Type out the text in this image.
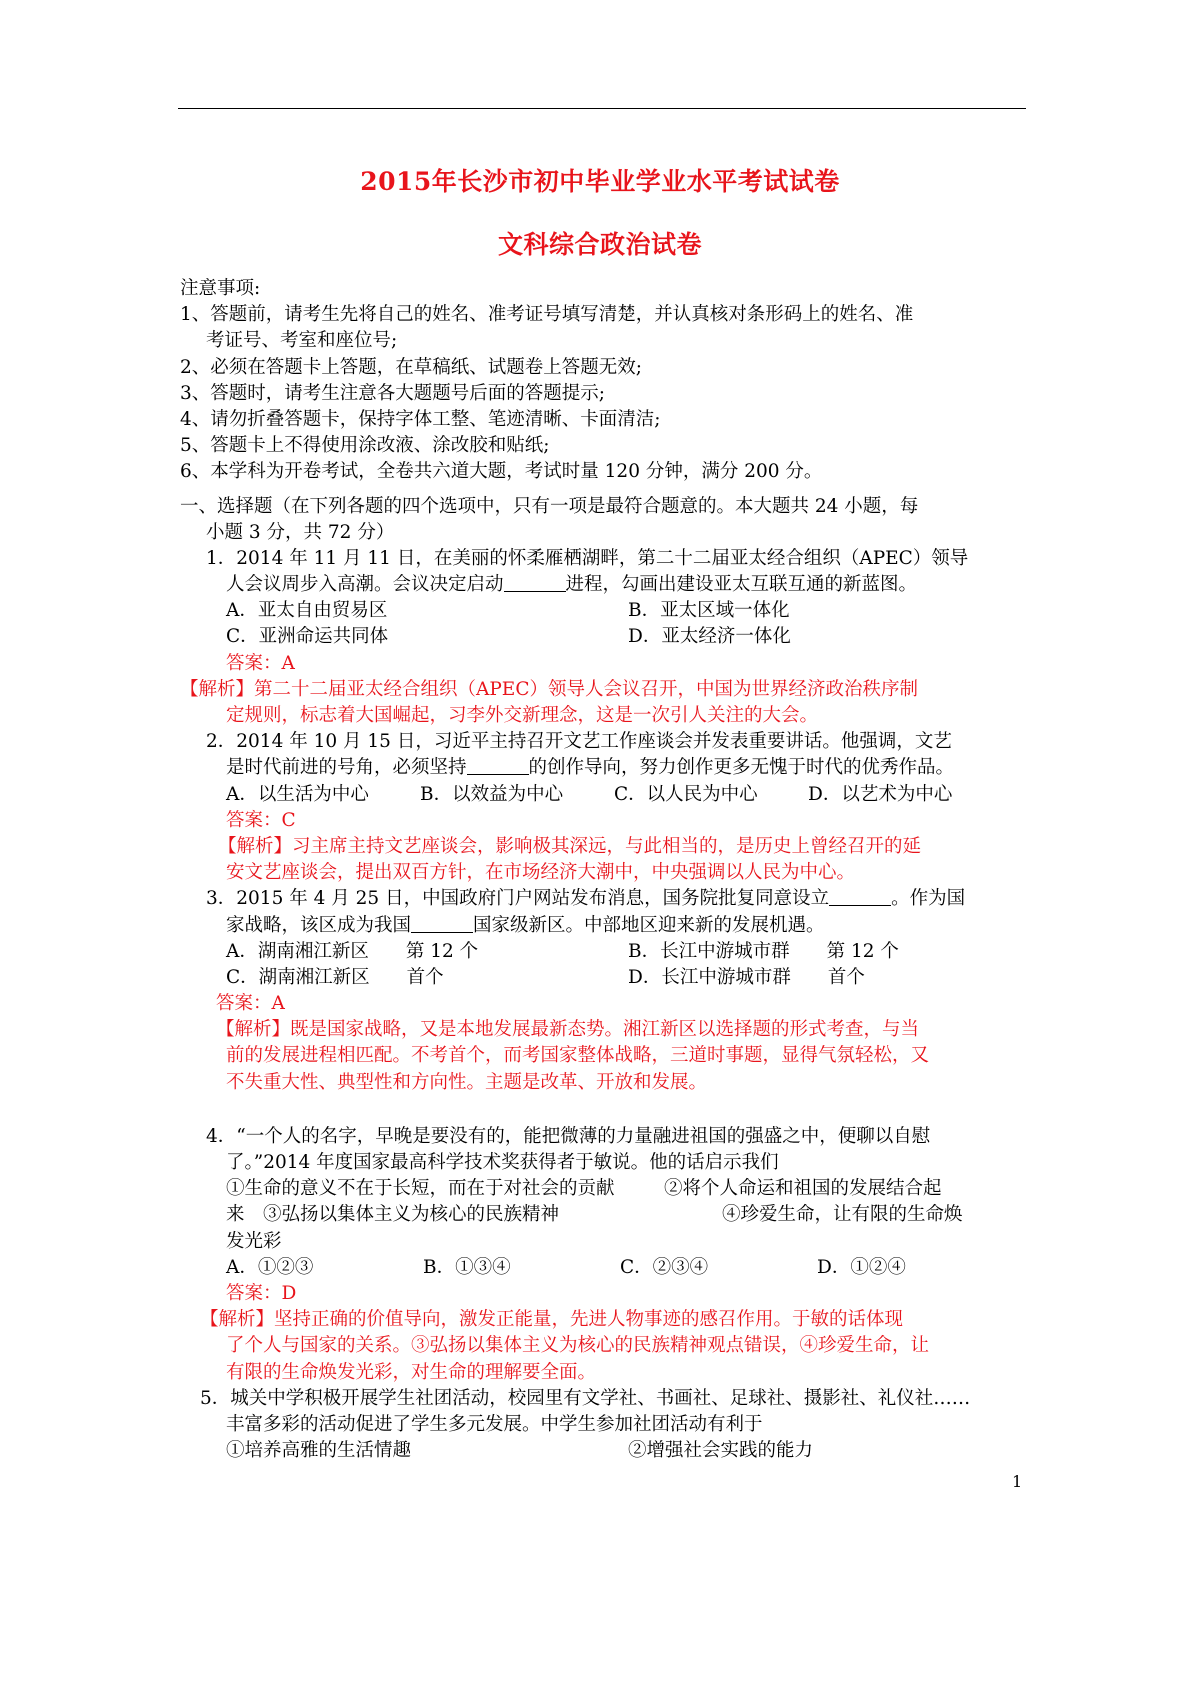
2015年长沙市初中毕业学业水平考试试卷
文科综合政治试卷
注意事项:
1、答题前，请考生先将自己的姓名、准考证号填写清楚，并认真核对条形码上的姓名、准
考证号、考室和座位号;
2、必须在答题卡上答题，在草稿纸、试题卷上答题无效;
3、答题时，请考生注意各大题题号后面的答题提示;
4、请勿折叠答题卡，保持字体工整、笔迹清晰、卡面清洁;
5、答题卡上不得使用涂改液、涂改胶和贴纸;
6、本学科为开卷考试，全卷共六道大题，考试时量 120 分钟，满分 200 分。
一、选择题（在下列各题的四个选项中，只有一项是最符合题意的。本大题共 24 小题，每
小题 3 分，共 72 分）
1．2014 年 11 月 11 日，在美丽的怀柔雁栖湖畔，第二十二届亚太经合组织（APEC）领导
人会议周步入高潮。会议决定启动	进程，勾画出建设亚太互联互通的新蓝图。
A．亚太自由贸易区	B．亚太区域一体化
C．亚洲命运共同体	D．亚太经济一体化
答案：A
【解析】第二十二届亚太经合组织（APEC）领导人会议召开，中国为世界经济政治秩序制
定规则，标志着大国崛起，习李外交新理念，这是一次引人关注的大会。
2．2014 年 10 月 15 日，习近平主持召开文艺工作座谈会并发表重要讲话。他强调，文艺
是时代前进的号角，必须坚持	的创作导向，努力创作更多无愧于时代的优秀作品。
A．以生活为中心	B．以效益为中心	C．以人民为中心	D．以艺术为中心
答案：C
【解析】习主席主持文艺座谈会，影响极其深远，与此相当的，是历史上曾经召开的延
安文艺座谈会，提出双百方针，在市场经济大潮中，中央强调以人民为中心。
3．2015 年 4 月 25 日，中国政府门户网站发布消息，国务院批复同意设立	。作为国
家战略，该区成为我国	国家级新区。中部地区迎来新的发展机遇。
A．湖南湘江新区　　第 12 个	B．长江中游城市群　　第 12 个
C．湖南湘江新区　　首个	D．长江中游城市群　　首个
答案：A
【解析】既是国家战略，又是本地发展最新态势。湘江新区以选择题的形式考查，与当
前的发展进程相匹配。不考首个，而考国家整体战略，三道时事题，显得气氛轻松，又
不失重大性、典型性和方向性。主题是改革、开放和发展。
4．“一个人的名字，早晚是要没有的，能把微薄的力量融进祖国的强盛之中，便聊以自慰
了。”2014 年度国家最高科学技术奖获得者于敏说。他的话启示我们
①生命的意义不在于长短，而在于对社会的贡献	②将个人命运和祖国的发展结合起
来　③弘扬以集体主义为核心的民族精神	④珍爱生命，让有限的生命焕
发光彩
A．①②③	B．①③④	C．②③④	D．①②④
答案：D
【解析】坚持正确的价值导向，激发正能量，先进人物事迹的感召作用。于敏的话体现
了个人与国家的关系。③弘扬以集体主义为核心的民族精神观点错误，④珍爱生命，让
有限的生命焕发光彩，对生命的理解要全面。
5．城关中学积极开展学生社团活动，校园里有文学社、书画社、足球社、摄影社、礼仪社……
丰富多彩的活动促进了学生多元发展。中学生参加社团活动有利于
①培养高雅的生活情趣	②增强社会实践的能力
1
